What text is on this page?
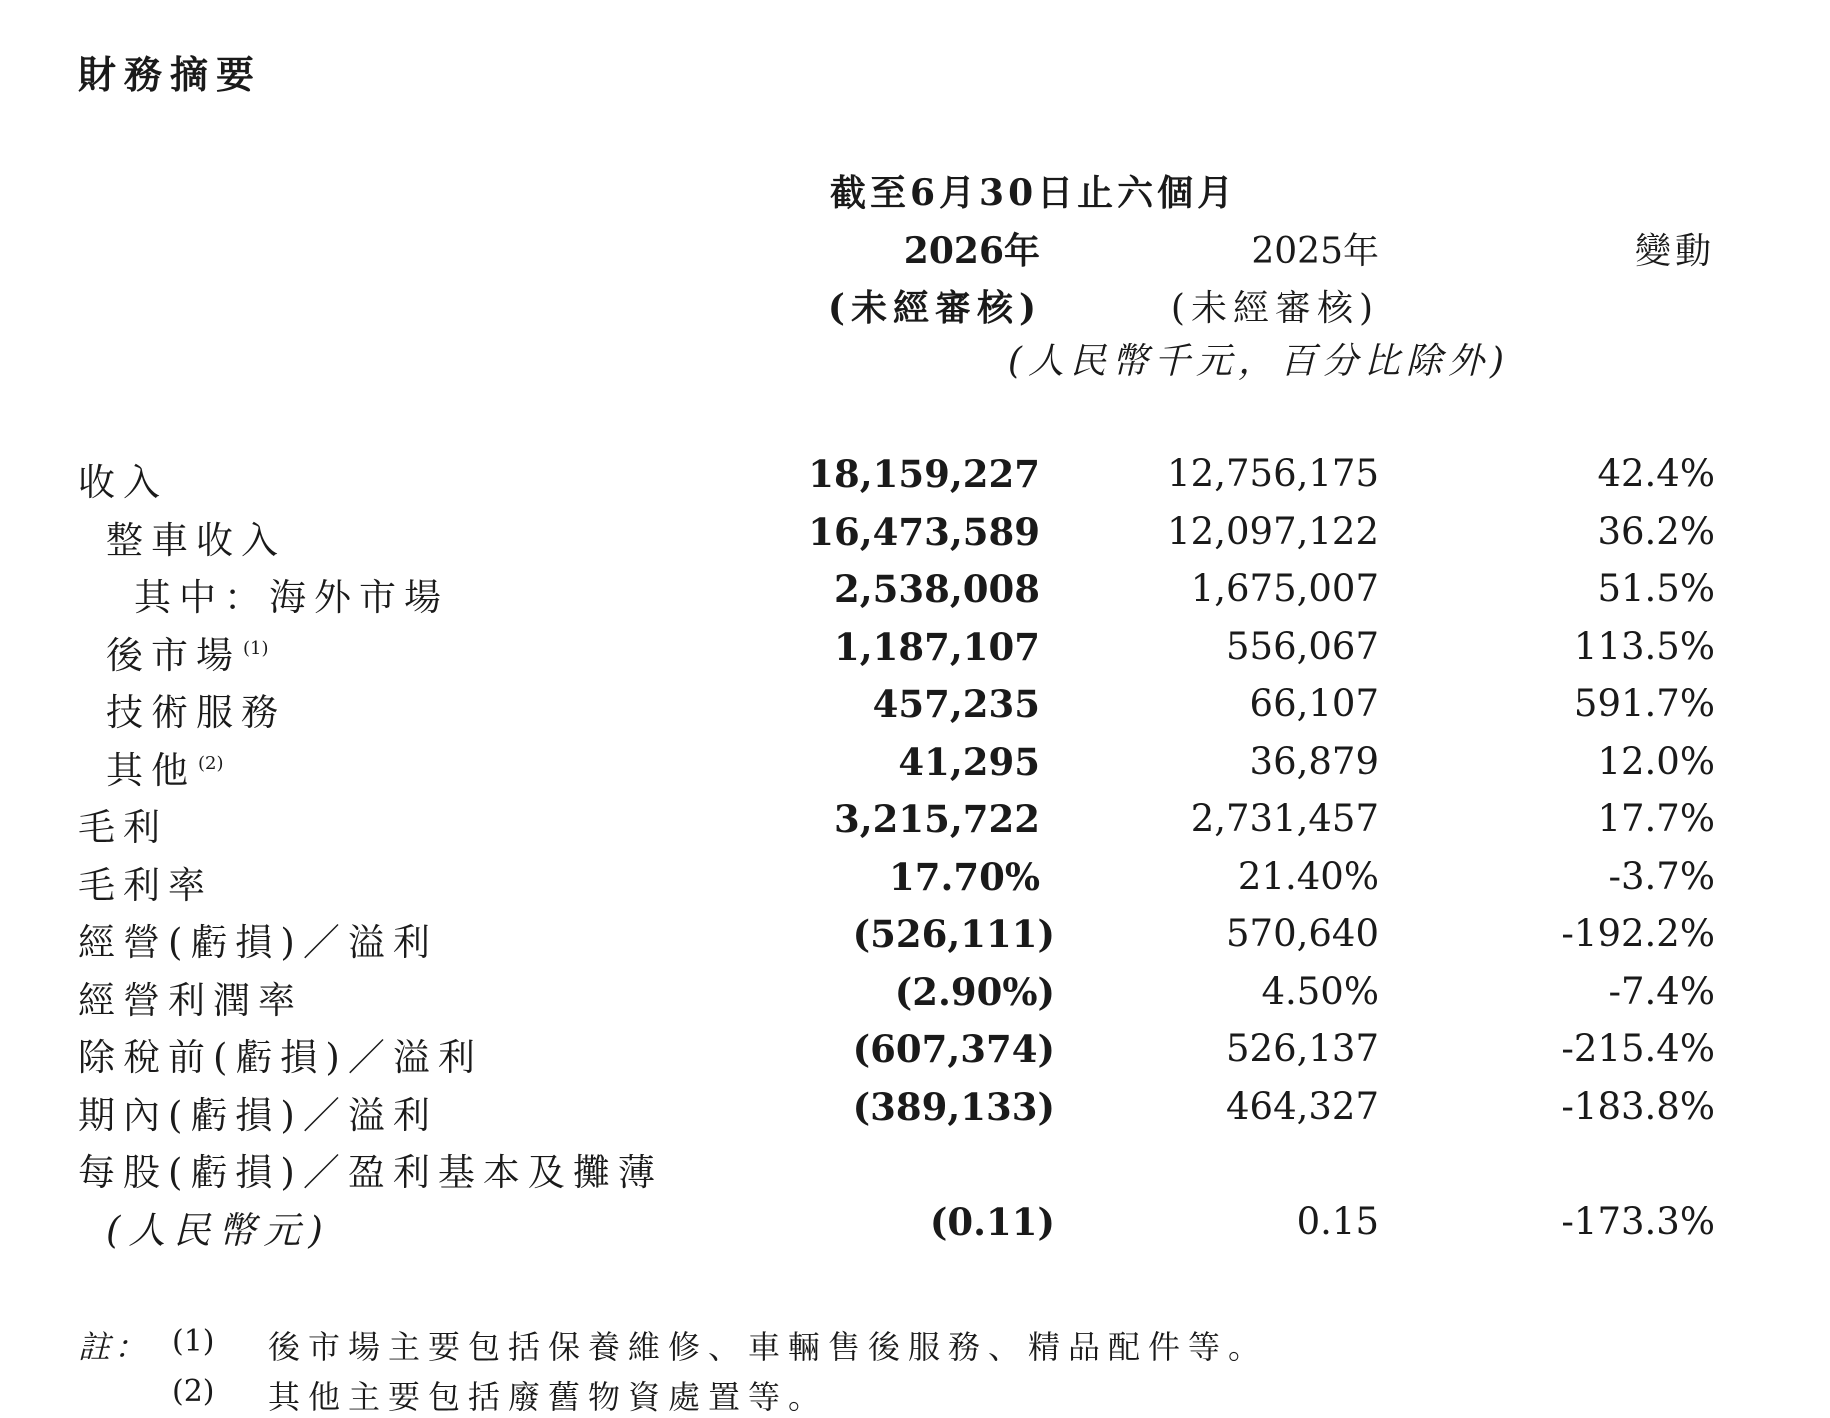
財務摘要
截至6月30日止六個月
2026年
(未經審核)
2025年
(未經審核)
變動
(人民幣千元，百分比除外)
收入	18,159,227	12,756,175	42.4%
整車收入	16,473,589	12,097,122	36.2%
其中：海外市場	2,538,008	1,675,007	51.5%
後市場 $^{(1)}$	1,187,107	556,067	113.5%
技術服務	457,235	66,107	591.7%
其他 $^{(2)}$	41,295	36,879	12.0%
毛利	3,215,722	2,731,457	17.7%
毛利率	17.70%	21.40%	-3.7%
經營(虧損)／溢利	(526,111)	570,640	-192.2%
經營利潤率	(2.90%)	4.50%	-7.4%
除稅前(虧損)／溢利	(607,374)	526,137	-215.4%
期內(虧損)／溢利	(389,133)	464,327	-183.8%
每股(虧損)／盈利基本及攤薄
(人民幣元)	(0.11)	0.15	-173.3%
註： (1) 後市場主要包括保養維修、車輛售後服務、精品配件等。
(2) 其他主要包括廢舊物資處置等。
